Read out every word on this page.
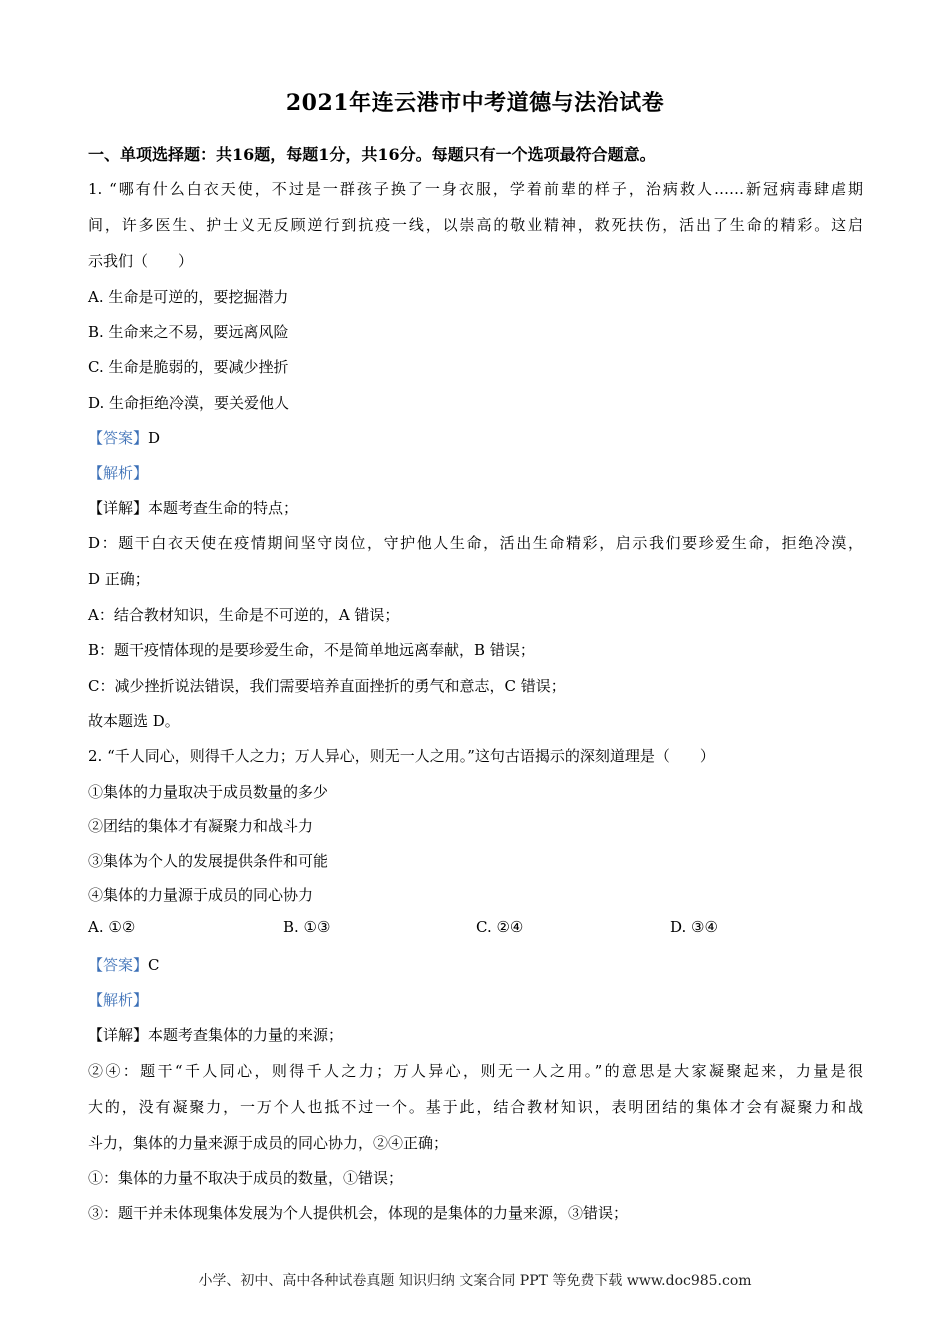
2021年连云港市中考道德与法治试卷
一、单项选择题：共16题，每题1分，共16分。每题只有一个选项最符合题意。
1. “哪有什么白衣天使，不过是一群孩子换了一身衣服，学着前辈的样子，治病救人……新冠病毒肆虐期
间，许多医生、护士义无反顾逆行到抗疫一线，以崇高的敬业精神，救死扶伤，活出了生命的精彩。这启
示我们（　　）
A. 生命是可逆的，要挖掘潜力
B. 生命来之不易，要远离风险
C. 生命是脆弱的，要减少挫折
D. 生命拒绝冷漠，要关爱他人
【答案】D
【解析】
【详解】本题考查生命的特点；
D：题干白衣天使在疫情期间坚守岗位，守护他人生命，活出生命精彩，启示我们要珍爱生命，拒绝冷漠，
D 正确；
A：结合教材知识，生命是不可逆的，A 错误；
B：题干疫情体现的是要珍爱生命，不是简单地远离奉献，B 错误；
C：减少挫折说法错误，我们需要培养直面挫折的勇气和意志，C 错误；
故本题选 D。
2. “千人同心，则得千人之力；万人异心，则无一人之用。”这句古语揭示的深刻道理是（　　）
①集体的力量取决于成员数量的多少
②团结的集体才有凝聚力和战斗力
③集体为个人的发展提供条件和可能
④集体的力量源于成员的同心协力
A. ①②	B. ①③	C. ②④	D. ③④
【答案】C
【解析】
【详解】本题考查集体的力量的来源；
②④：题干“千人同心，则得千人之力；万人异心，则无一人之用。”的意思是大家凝聚起来，力量是很
大的，没有凝聚力，一万个人也抵不过一个。基于此，结合教材知识，表明团结的集体才会有凝聚力和战
斗力，集体的力量来源于成员的同心协力，②④正确；
①：集体的力量不取决于成员的数量，①错误；
③：题干并未体现集体发展为个人提供机会，体现的是集体的力量来源，③错误；
小学、初中、高中各种试卷真题 知识归纳 文案合同 PPT 等免费下载 www.doc985.com
